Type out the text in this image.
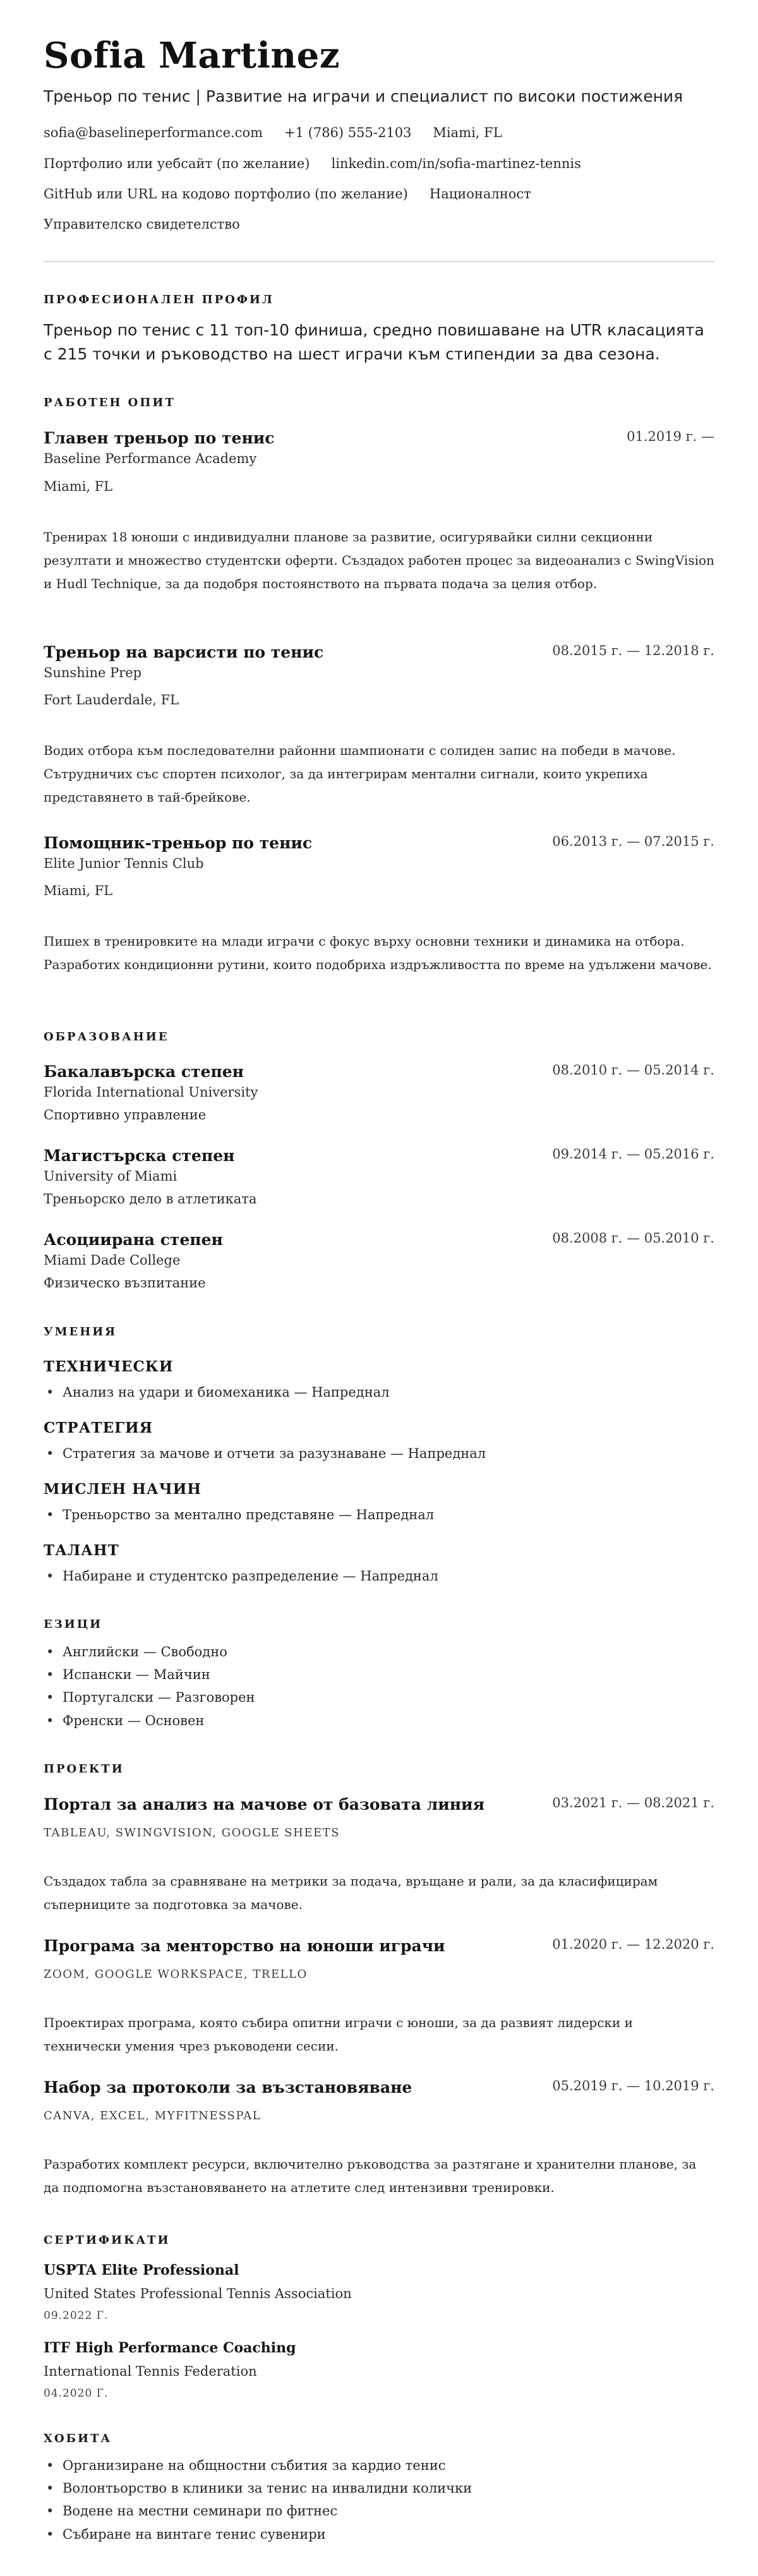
Sofia Martinez
Треньор по тенис | Развитие на играчи и специалист по високи постижения
sofia@baselineperformance.com +1 (786) 555-2103 Miami, FL
Портфолио или уебсайт (по желание) linkedin.com/in/sofia-martinez-tennis
GitHub или URL на кодово портфолио (по желание) Националност
Управителско свидетелство
ПРОФЕСИОНАЛЕН ПРОФИЛ

Треньор по тенис с 11 топ-10 финиша, средно повишаване на UTR класацията с 215 точки и ръководство на шест играчи към стипендии за два сезона.

РАБОТЕН ОПИТ
Главен треньор по тенис	01.2019 г. —
Baseline Performance Academy
Miami, FL

Тренирах 18 юноши с индивидуални планове за развитие, осигурявайки силни секционни резултати и множество студентски оферти. Създадох работен процес за видеоанализ с SwingVision и Hudl Technique, за да подобря постоянството на първата подача за целия отбор.

Треньор на варсисти по тенис	08.2015 г. — 12.2018 г.
Sunshine Prep
Fort Lauderdale, FL

Водих отбора към последователни районни шампионати с солиден запис на победи в мачове. Сътрудничих със спортен психолог, за да интегрирам ментални сигнали, които укрепиха представянето в тай-брейкове.

Помощник-треньор по тенис	06.2013 г. — 07.2015 г.
Elite Junior Tennis Club
Miami, FL

Пишех в тренировките на млади играчи с фокус върху основни техники и динамика на отбора. Разработих кондиционни рутини, които подобриха издръжливостта по време на удължени мачове.

ОБРАЗОВАНИЕ
Бакалавърска степен	08.2010 г. — 05.2014 г.
Florida International University
Спортивно управление
Магистърска степен	09.2014 г. — 05.2016 г.
University of Miami
Треньорско дело в атлетиката
Асоциирана степен	08.2008 г. — 05.2010 г.
Miami Dade College
Физическо възпитание
УМЕНИЯ
ТЕХНИЧЕСКИ
• Анализ на удари и биомеханика — Напреднал
СТРАТЕГИЯ
• Стратегия за мачове и отчети за разузнаване — Напреднал
МИСЛЕН НАЧИН
• Треньорство за ментално представяне — Напреднал
ТАЛАНТ
• Набиране и студентско разпределение — Напреднал
ЕЗИЦИ
• Английски — Свободно
• Испански — Майчин
• Португалски — Разговорен
• Френски — Основен
ПРОЕКТИ
Портал за анализ на мачове от базовата линия	03.2021 г. — 08.2021 г.
TABLEAU, SWINGVISION, GOOGLE SHEETS

Създадох табла за сравняване на метрики за подача, връщане и рали, за да класифицирам съперниците за подготовка за мачове.

Програма за менторство на юноши играчи	01.2020 г. — 12.2020 г.
ZOOM, GOOGLE WORKSPACE, TRELLO

Проектирах програма, която събира опитни играчи с юноши, за да развият лидерски и технически умения чрез ръководени сесии.

Набор за протоколи за възстановяване	05.2019 г. — 10.2019 г.
CANVA, EXCEL, MYFITNESSPAL

Разработих комплект ресурси, включително ръководства за разтягане и хранителни планове, за да подпомогна възстановяването на атлетите след интензивни тренировки.

СЕРТИФИКАТИ
USPTA Elite Professional
United States Professional Tennis Association
09.2022 Г.
ITF High Performance Coaching
International Tennis Federation
04.2020 Г.
ХОБИТА
• Организиране на общностни събития за кардио тенис
• Волонтьорство в клиники за тенис на инвалидни колички
• Водене на местни семинари по фитнес
• Събиране на винтаге тенис сувенири
